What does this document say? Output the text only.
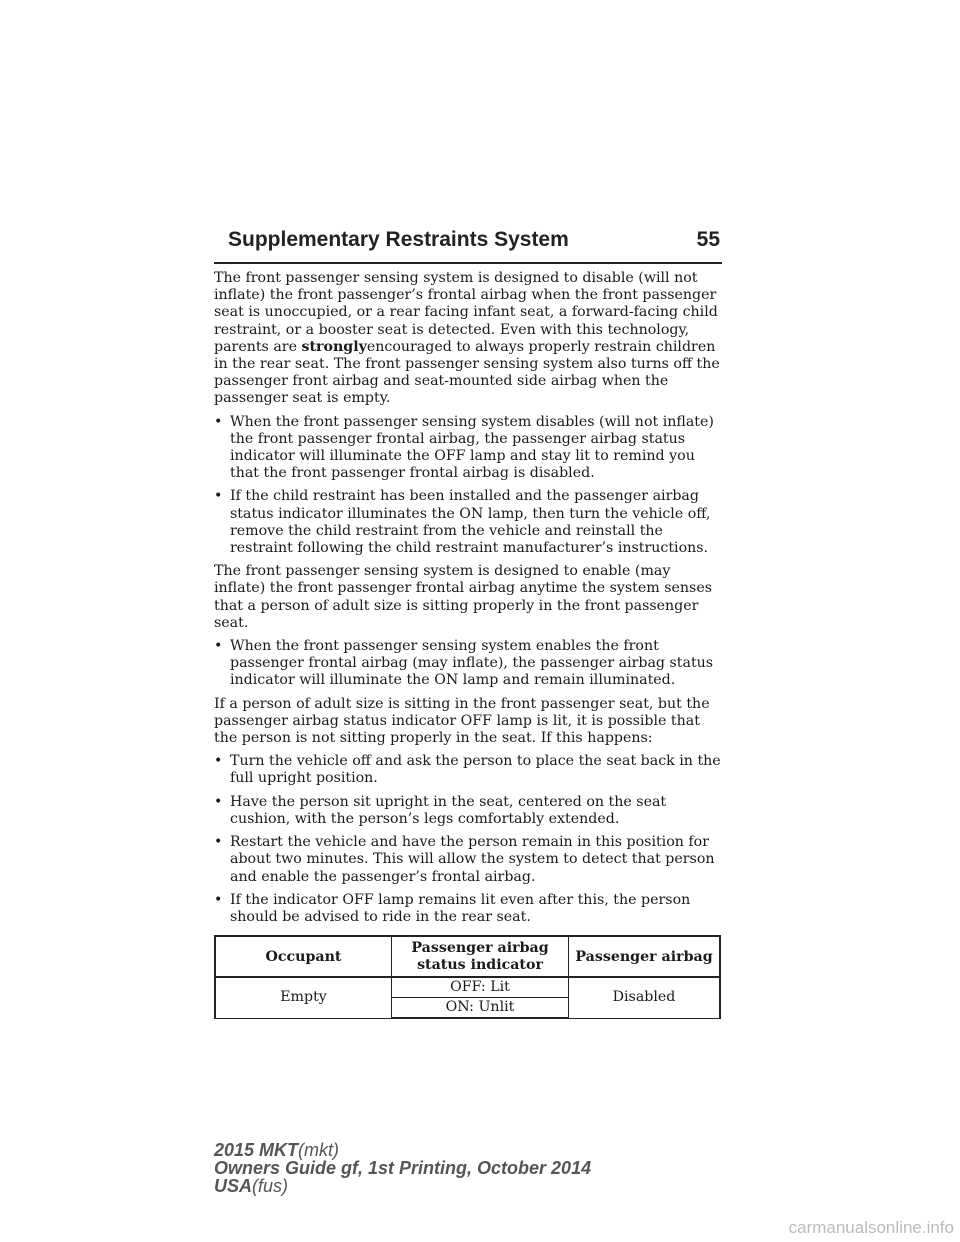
Supplementary Restraints System	55

The front passenger sensing system is designed to disable (will not inflate) the front passenger’s frontal airbag when the front passenger seat is unoccupied, or a rear facing infant seat, a forward-facing child restraint, or a booster seat is detected. Even with this technology, parents are stronglyencouraged to always properly restrain children in the rear seat. The front passenger sensing system also turns off the passenger front airbag and seat-mounted side airbag when the passenger seat is empty.

• When the front passenger sensing system disables (will not inflate) the front passenger frontal airbag, the passenger airbag status indicator will illuminate the OFF lamp and stay lit to remind you that the front passenger frontal airbag is disabled.
• If the child restraint has been installed and the passenger airbag status indicator illuminates the ON lamp, then turn the vehicle off, remove the child restraint from the vehicle and reinstall the restraint following the child restraint manufacturer’s instructions.

The front passenger sensing system is designed to enable (may inflate) the front passenger frontal airbag anytime the system senses that a person of adult size is sitting properly in the front passenger seat.

• When the front passenger sensing system enables the front passenger frontal airbag (may inflate), the passenger airbag status indicator will illuminate the ON lamp and remain illuminated.

If a person of adult size is sitting in the front passenger seat, but the passenger airbag status indicator OFF lamp is lit, it is possible that the person is not sitting properly in the seat. If this happens:

• Turn the vehicle off and ask the person to place the seat back in the full upright position.
• Have the person sit upright in the seat, centered on the seat cushion, with the person’s legs comfortably extended.
• Restart the vehicle and have the person remain in this position for about two minutes. This will allow the system to detect that person and enable the passenger’s frontal airbag.
• If the indicator OFF lamp remains lit even after this, the person should be advised to ride in the rear seat.
Occupant	Passenger airbag status indicator	Passenger airbag
Empty	OFF: Lit	Disabled
	ON: Unlit	
2015 MKT(mkt)
Owners Guide gf, 1st Printing, October 2014
USA(fus)
carmanualsonline.info
